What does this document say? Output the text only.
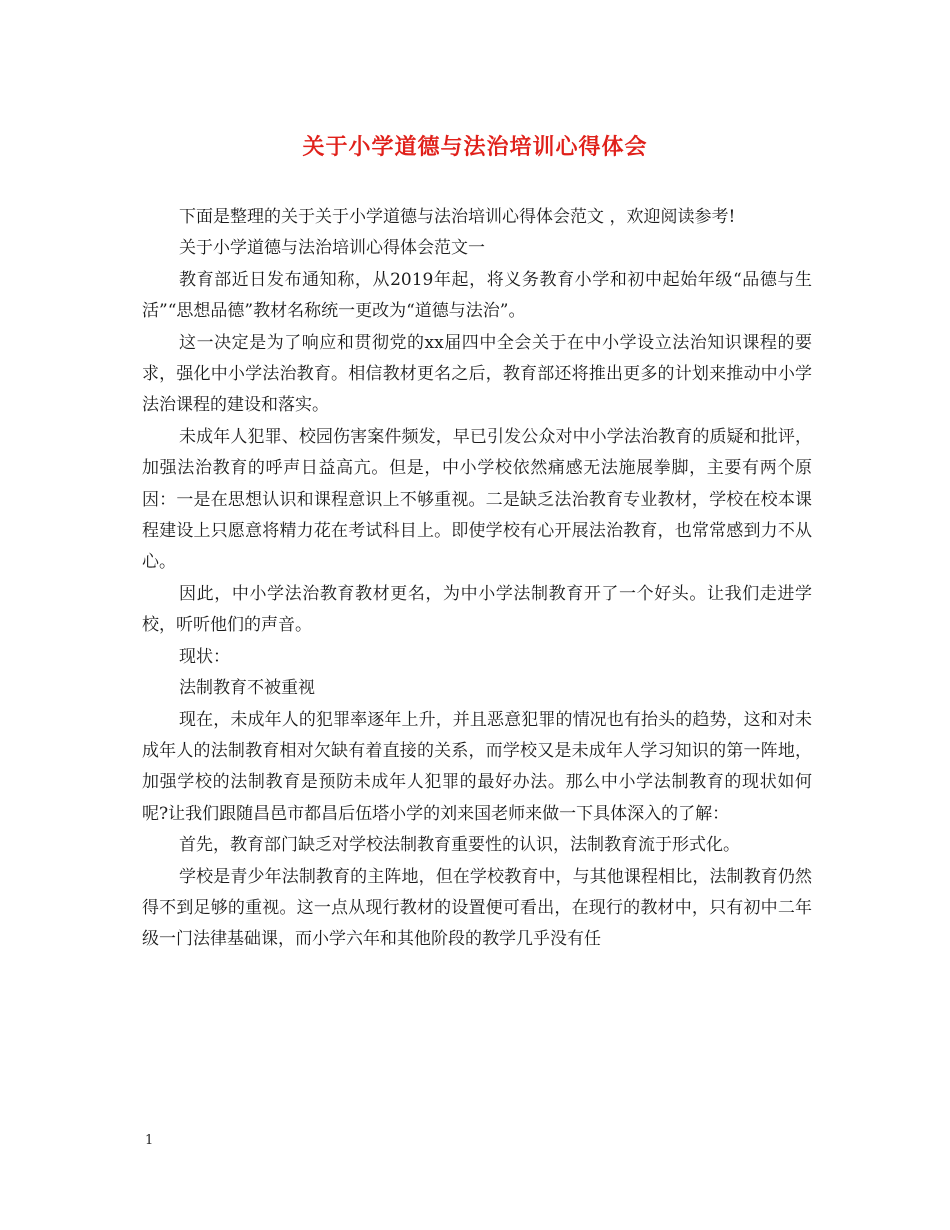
关于小学道德与法治培训心得体会

下面是整理的关于关于小学道德与法治培训心得体会范文 ，欢迎阅读参考!

关于小学道德与法治培训心得体会范文一

教育部近日发布通知称，从2019年起，将义务教育小学和初中起始年级“品德与生活”“思想品德”教材名称统一更改为“道德与法治”。

这一决定是为了响应和贯彻党的xx届四中全会关于在中小学设立法治知识课程的要求，强化中小学法治教育。相信教材更名之后，教育部还将推出更多的计划来推动中小学法治课程的建设和落实。

未成年人犯罪、校园伤害案件频发，早已引发公众对中小学法治教育的质疑和批评，加强法治教育的呼声日益高亢。但是，中小学校依然痛感无法施展拳脚，主要有两个原因：一是在思想认识和课程意识上不够重视。二是缺乏法治教育专业教材，学校在校本课程建设上只愿意将精力花在考试科目上。即使学校有心开展法治教育，也常常感到力不从心。

因此，中小学法治教育教材更名，为中小学法制教育开了一个好头。让我们走进学校，听听他们的声音。

现状：

法制教育不被重视

现在，未成年人的犯罪率逐年上升，并且恶意犯罪的情况也有抬头的趋势，这和对未成年人的法制教育相对欠缺有着直接的关系，而学校又是未成年人学习知识的第一阵地，加强学校的法制教育是预防未成年人犯罪的最好办法。那么中小学法制教育的现状如何呢?让我们跟随昌邑市都昌后伍塔小学的刘来国老师来做一下具体深入的了解：

首先，教育部门缺乏对学校法制教育重要性的认识，法制教育流于形式化。

学校是青少年法制教育的主阵地，但在学校教育中，与其他课程相比，法制教育仍然得不到足够的重视。这一点从现行教材的设置便可看出，在现行的教材中，只有初中二年级一门法律基础课，而小学六年和其他阶段的教学几乎没有任

1
